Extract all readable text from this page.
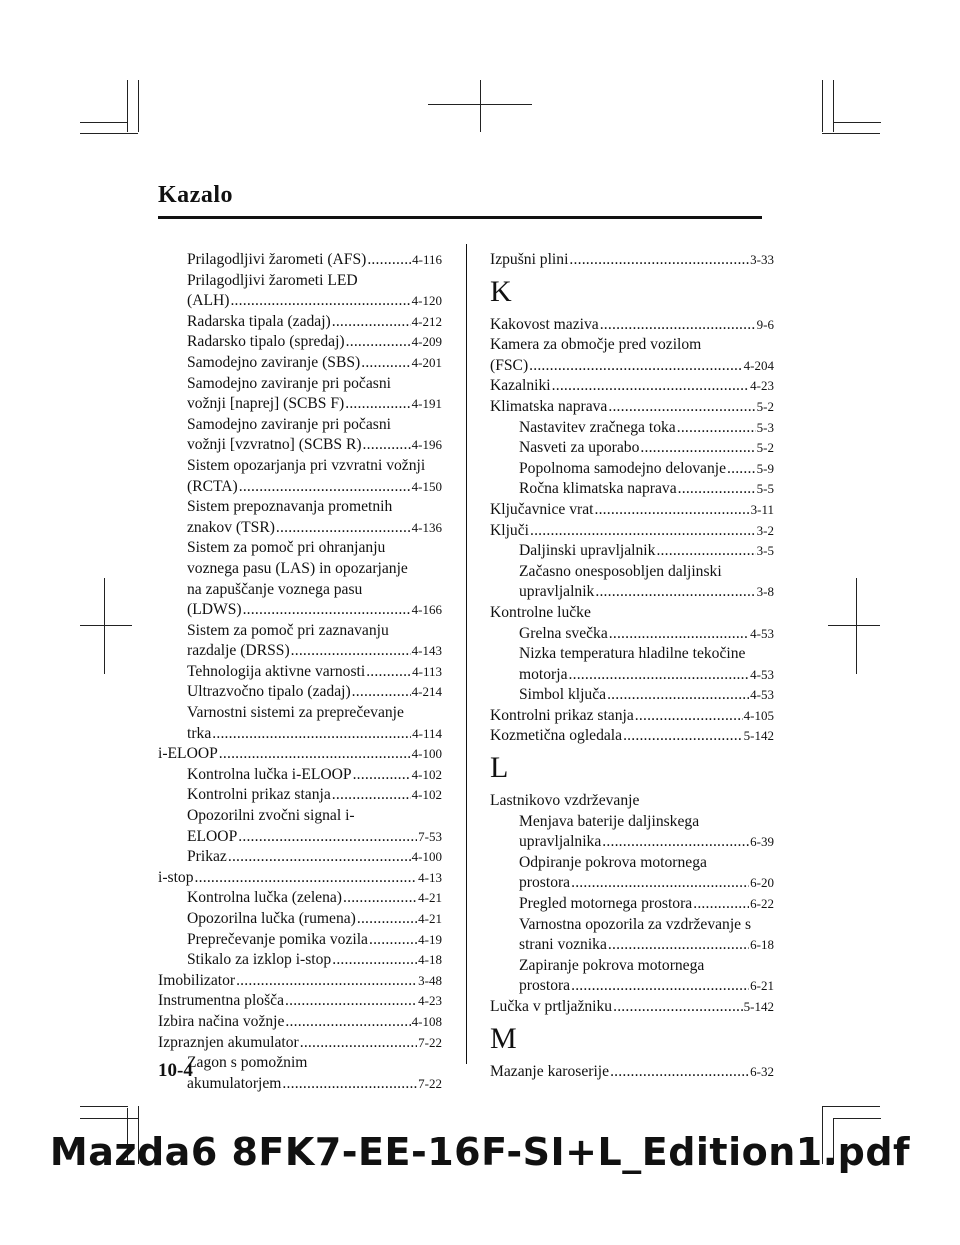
Kazalo
Prilagodljivi žarometi (AFS) .....	4-116
Prilagodljivi žarometi LED
(ALH) .....	4-120
Radarska tipala (zadaj) .....	4-212
Radarsko tipalo (spredaj) .....	4-209
Samodejno zaviranje (SBS) .....	4-201
Samodejno zaviranje pri počasni
vožnji [naprej] (SCBS F) .....	4-191
Samodejno zaviranje pri počasni
vožnji [vzvratno] (SCBS R) .....	4-196
Sistem opozarjanja pri vzvratni vožnji
(RCTA) .....	4-150
Sistem prepoznavanja prometnih
znakov (TSR) .....	4-136
Sistem za pomoč pri ohranjanju
voznega pasu (LAS) in opozarjanje
na zapuščanje voznega pasu
(LDWS) .....	4-166
Sistem za pomoč pri zaznavanju
razdalje (DRSS) .....	4-143
Tehnologija aktivne varnosti .....	4-113
Ultrazvočno tipalo (zadaj) .....	4-214
Varnostni sistemi za preprečevanje
trka .....	4-114
i-ELOOP .....	4-100
Kontrolna lučka i-ELOOP .....	4-102
Kontrolni prikaz stanja .....	4-102
Opozorilni zvočni signal i-
ELOOP .....	7-53
Prikaz .....	4-100
i-stop .....	4-13
Kontrolna lučka (zelena) .....	4-21
Opozorilna lučka (rumena) .....	4-21
Preprečevanje pomika vozila .....	4-19
Stikalo za izklop i-stop .....	4-18
Imobilizator .....	3-48
Instrumentna plošča .....	4-23
Izbira načina vožnje .....	4-108
Izpraznjen akumulator .....	7-22
Zagon s pomožnim
akumulatorjem .....	7-22
Izpušni plini .....	3-33
K
Kakovost maziva .....	9-6
Kamera za območje pred vozilom
(FSC) .....	4-204
Kazalniki .....	4-23
Klimatska naprava .....	5-2
Nastavitev zračnega toka .....	5-3
Nasveti za uporabo .....	5-2
Popolnoma samodejno delovanje ..... 5-9
Ročna klimatska naprava .....	5-5
Ključavnice vrat .....	3-11
Ključi .....	3-2
Daljinski upravljalnik .....	3-5
Začasno onesposobljen daljinski
upravljalnik .....	3-8
Kontrolne lučke
Grelna svečka .....	4-53
Nizka temperatura hladilne tekočine
motorja .....	4-53
Simbol ključa .....	4-53
Kontrolni prikaz stanja .....	4-105
Kozmetična ogledala .....	5-142
L
Lastnikovo vzdrževanje
Menjava baterije daljinskega
upravljalnika .....	6-39
Odpiranje pokrova motornega
prostora .....	6-20
Pregled motornega prostora .....	6-22
Varnostna opozorila za vzdrževanje s
strani voznika .....	6-18
Zapiranje pokrova motornega
prostora .....	6-21
Lučka v prtljažniku .....	5-142
M
Mazanje karoserije .....	6-32
10-4
Mazda6 8FK7-EE-16F-SI+L_Edition1.pdf
